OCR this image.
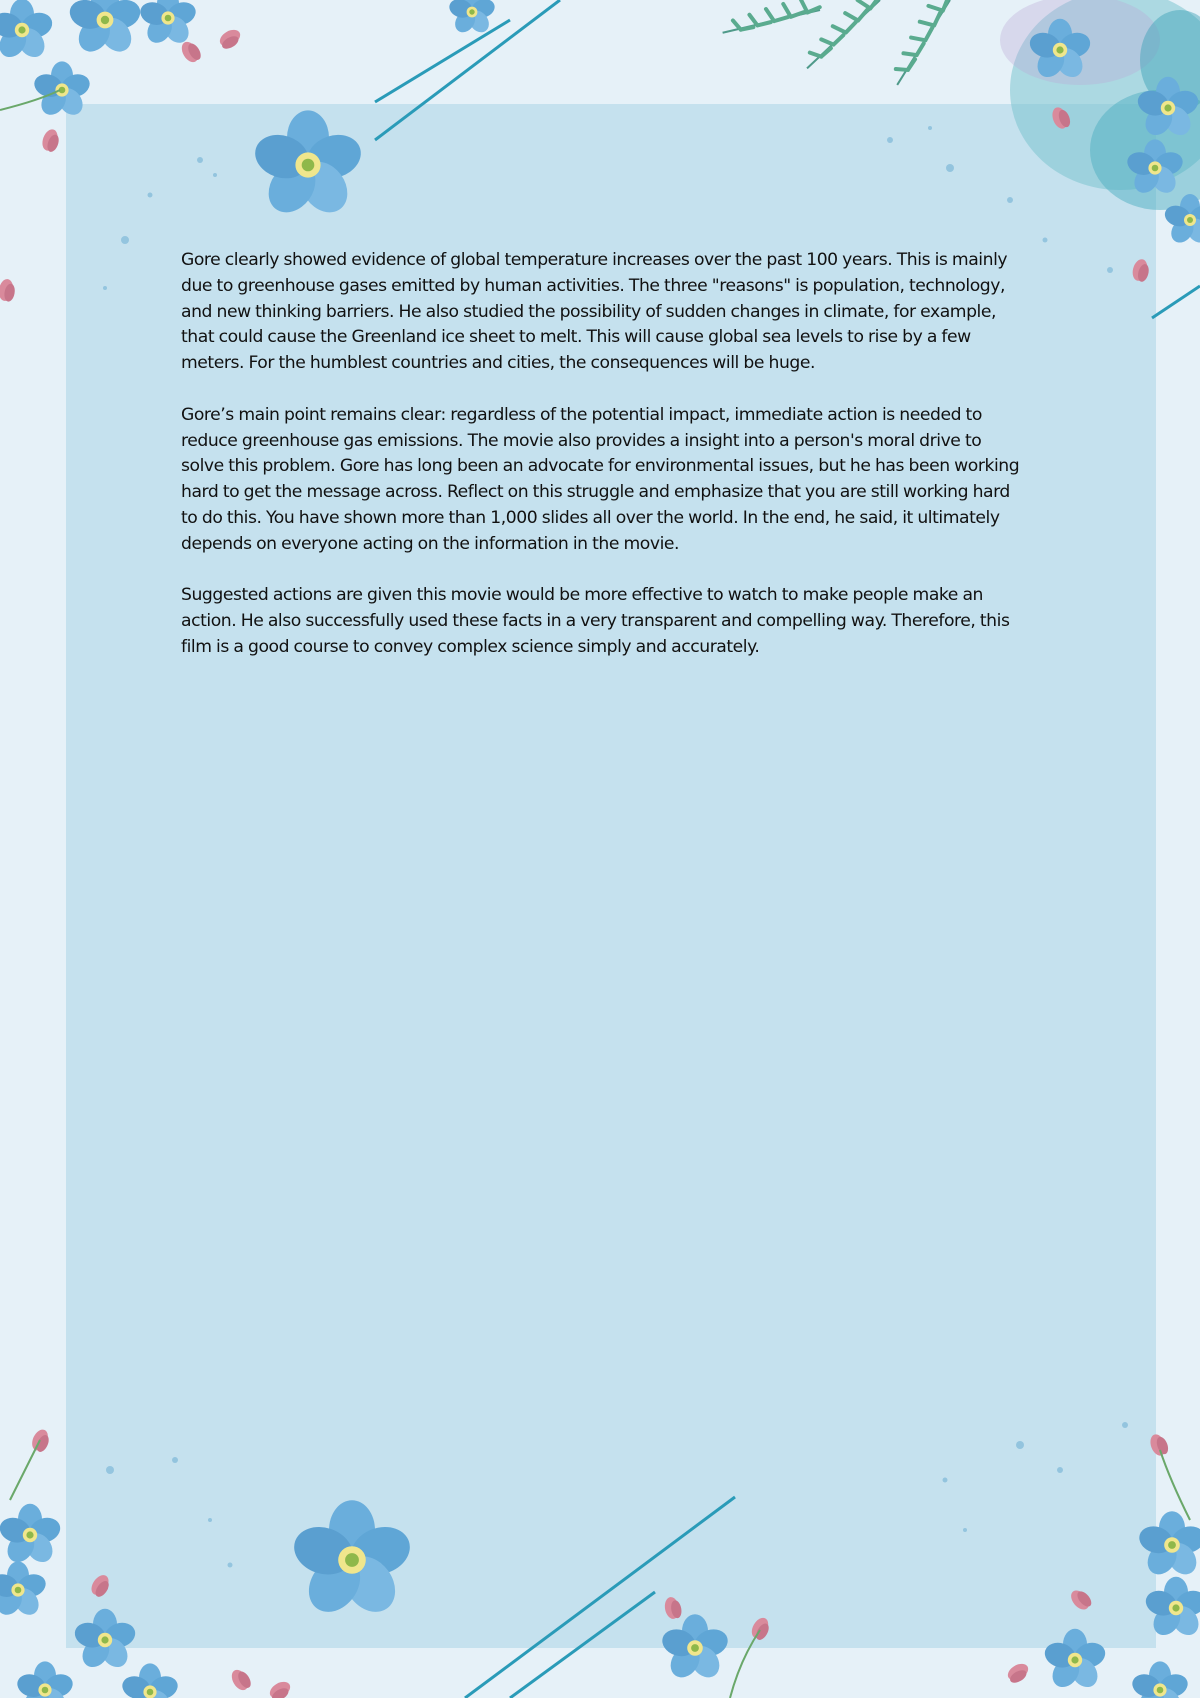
Gore clearly showed evidence of global temperature increases over the past 100 years. This is mainly due to greenhouse gases emitted by human activities. The three "reasons" is population, technology, and new thinking barriers. He also studied the possibility of sudden changes in climate, for example, that could cause the Greenland ice sheet to melt. This will cause global sea levels to rise by a few meters. For the humblest countries and cities, the consequences will be huge.

Gore’s main point remains clear: regardless of the potential impact, immediate action is needed to reduce greenhouse gas emissions. The movie also provides a insight into a person's moral drive to solve this problem. Gore has long been an advocate for environmental issues, but he has been working hard to get the message across. Reflect on this struggle and emphasize that you are still working hard to do this. You have shown more than 1,000 slides all over the world. In the end, he said, it ultimately depends on everyone acting on the information in the movie.

Suggested actions are given this movie would be more effective to watch to make people make an action. He also successfully used these facts in a very transparent and compelling way. Therefore, this film is a good course to convey complex science simply and accurately.
